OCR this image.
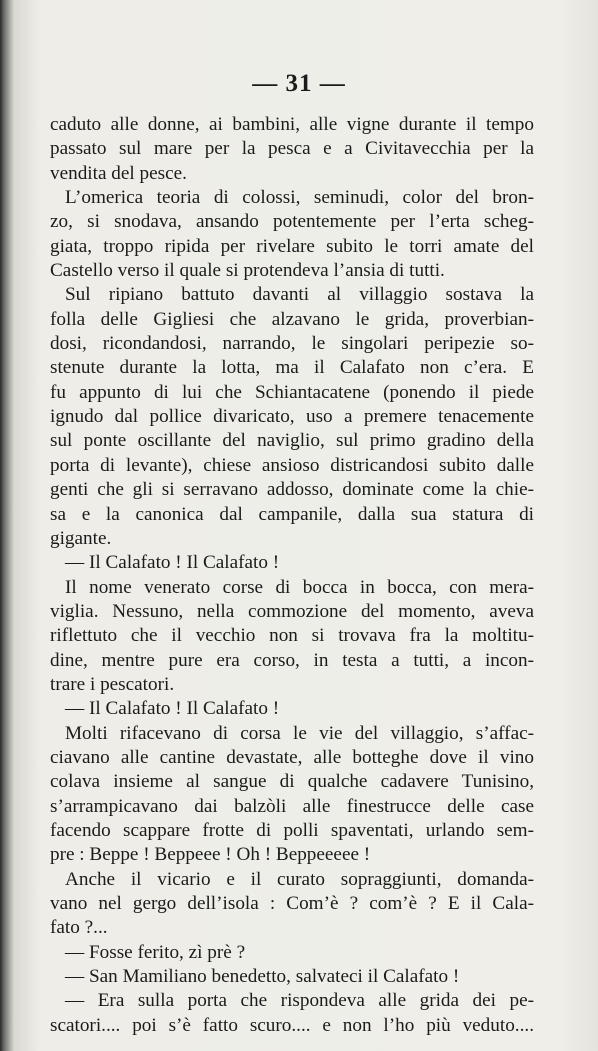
— 31 —
caduto alle donne, ai bambini, alle vigne durante il tempo
passato sul mare per la pesca e a Civitavecchia per la
vendita del pesce.
L’omerica teoria di colossi, seminudi, color del bron-
zo, si snodava, ansando potentemente per l’erta scheg-
giata, troppo ripida per rivelare subito le torri amate del
Castello verso il quale si protendeva l’ansia di tutti.
Sul ripiano battuto davanti al villaggio sostava la
folla delle Gigliesi che alzavano le grida, proverbian-
dosi, ricondandosi, narrando, le singolari peripezie so-
stenute durante la lotta, ma il Calafato non c’era. E
fu appunto di lui che Schiantacatene (ponendo il piede
ignudo dal pollice divaricato, uso a premere tenacemente
sul ponte oscillante del naviglio, sul primo gradino della
porta di levante), chiese ansioso districandosi subito dalle
genti che gli si serravano addosso, dominate come la chie-
sa e la canonica dal campanile, dalla sua statura di
gigante.
— Il Calafato ! Il Calafato !
Il nome venerato corse di bocca in bocca, con mera-
viglia. Nessuno, nella commozione del momento, aveva
riflettuto che il vecchio non si trovava fra la moltitu-
dine, mentre pure era corso, in testa a tutti, a incon-
trare i pescatori.
— Il Calafato ! Il Calafato !
Molti rifacevano di corsa le vie del villaggio, s’affac-
ciavano alle cantine devastate, alle botteghe dove il vino
colava insieme al sangue di qualche cadavere Tunisino,
s’arrampicavano dai balzòli alle finestrucce delle case
facendo scappare frotte di polli spaventati, urlando sem-
pre : Beppe ! Beppeee ! Oh ! Beppeeeee !
Anche il vicario e il curato sopraggiunti, domanda-
vano nel gergo dell’isola : Com’è ? com’è ? E il Cala-
fato ?...
— Fosse ferito, zì prè ?
— San Mamiliano benedetto, salvateci il Calafato !
— Era sulla porta che rispondeva alle grida dei pe-
scatori.... poi s’è fatto scuro.... e non l’ho più veduto....
